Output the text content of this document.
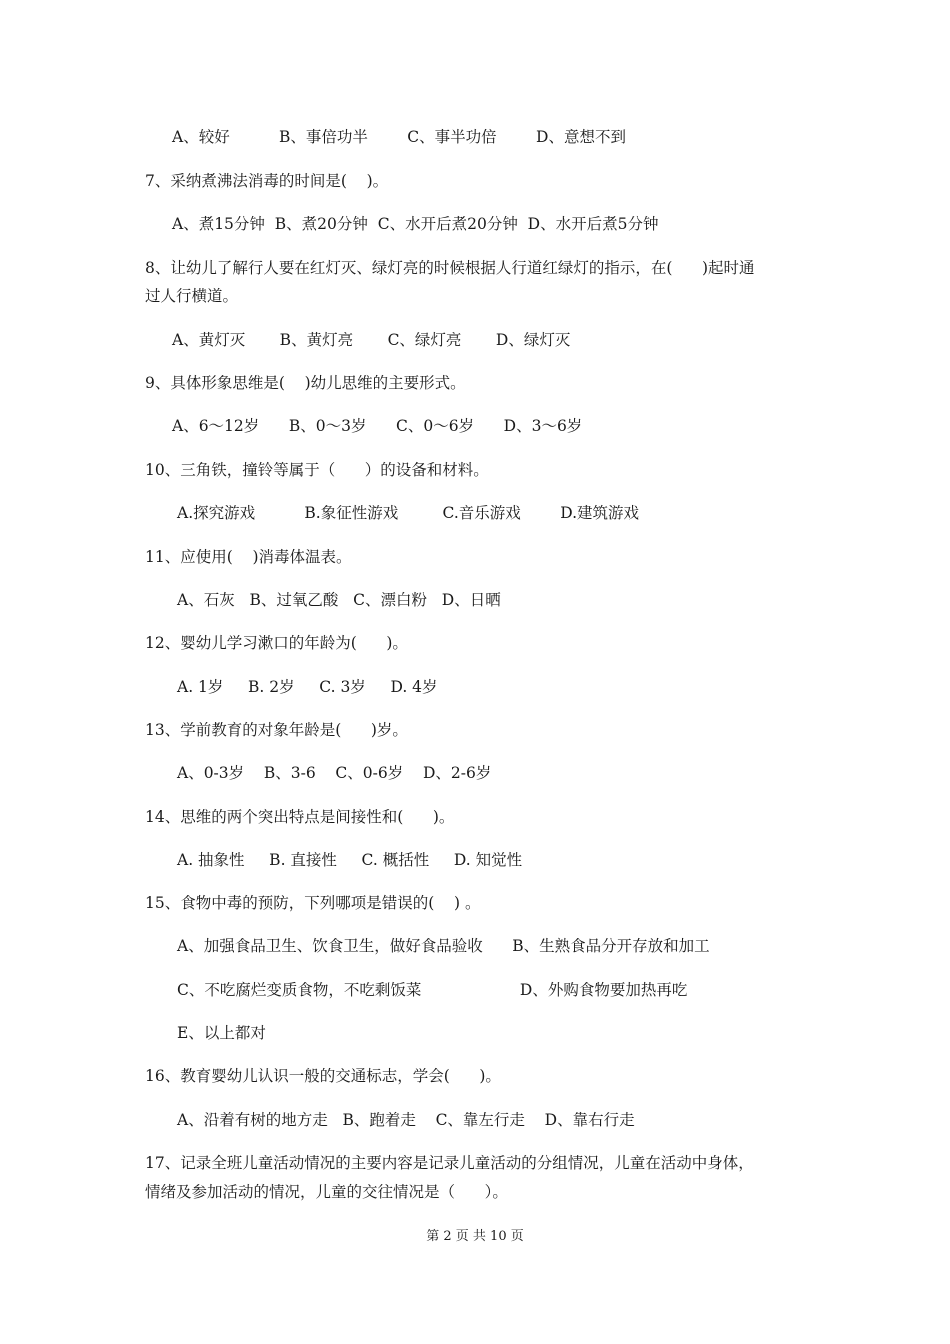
A、较好          B、事倍功半        C、事半功倍        D、意想不到
7、采纳煮沸法消毒的时间是(    )。
A、煮15分钟  B、煮20分钟  C、水开后煮20分钟  D、水开后煮5分钟
8、让幼儿了解行人要在红灯灭、绿灯亮的时候根据人行道红绿灯的指示，在(      )起时通
过人行横道。
A、黄灯灭       B、黄灯亮       C、绿灯亮       D、绿灯灭
9、具体形象思维是(    )幼儿思维的主要形式。
A、6～12岁      B、0～3岁      C、0～6岁      D、3～6岁
10、三角铁，撞铃等属于（      ）的设备和材料。
A.探究游戏          B.象征性游戏         C.音乐游戏        D.建筑游戏
11、应使用(    )消毒体温表。
A、石灰   B、过氧乙酸   C、漂白粉   D、日晒
12、婴幼儿学习漱口的年龄为(      )。
A. 1岁     B. 2岁     C. 3岁     D. 4岁
13、学前教育的对象年龄是(      )岁。
A、0-3岁    B、3-6    C、0-6岁    D、2-6岁
14、思维的两个突出特点是间接性和(      )。
A. 抽象性     B. 直接性     C. 概括性     D. 知觉性
15、食物中毒的预防，下列哪项是错误的(    ) 。
A、加强食品卫生、饮食卫生，做好食品验收      B、生熟食品分开存放和加工
C、不吃腐烂变质食物，不吃剩饭菜                    D、外购食物要加热再吃
E、以上都对
16、教育婴幼儿认识一般的交通标志，学会(      )。
A、沿着有树的地方走   B、跑着走    C、靠左行走    D、靠右行走
17、记录全班儿童活动情况的主要内容是记录儿童活动的分组情况，儿童在活动中身体，
情绪及参加活动的情况，儿童的交往情况是（      ）。
第 2 页 共 10 页
